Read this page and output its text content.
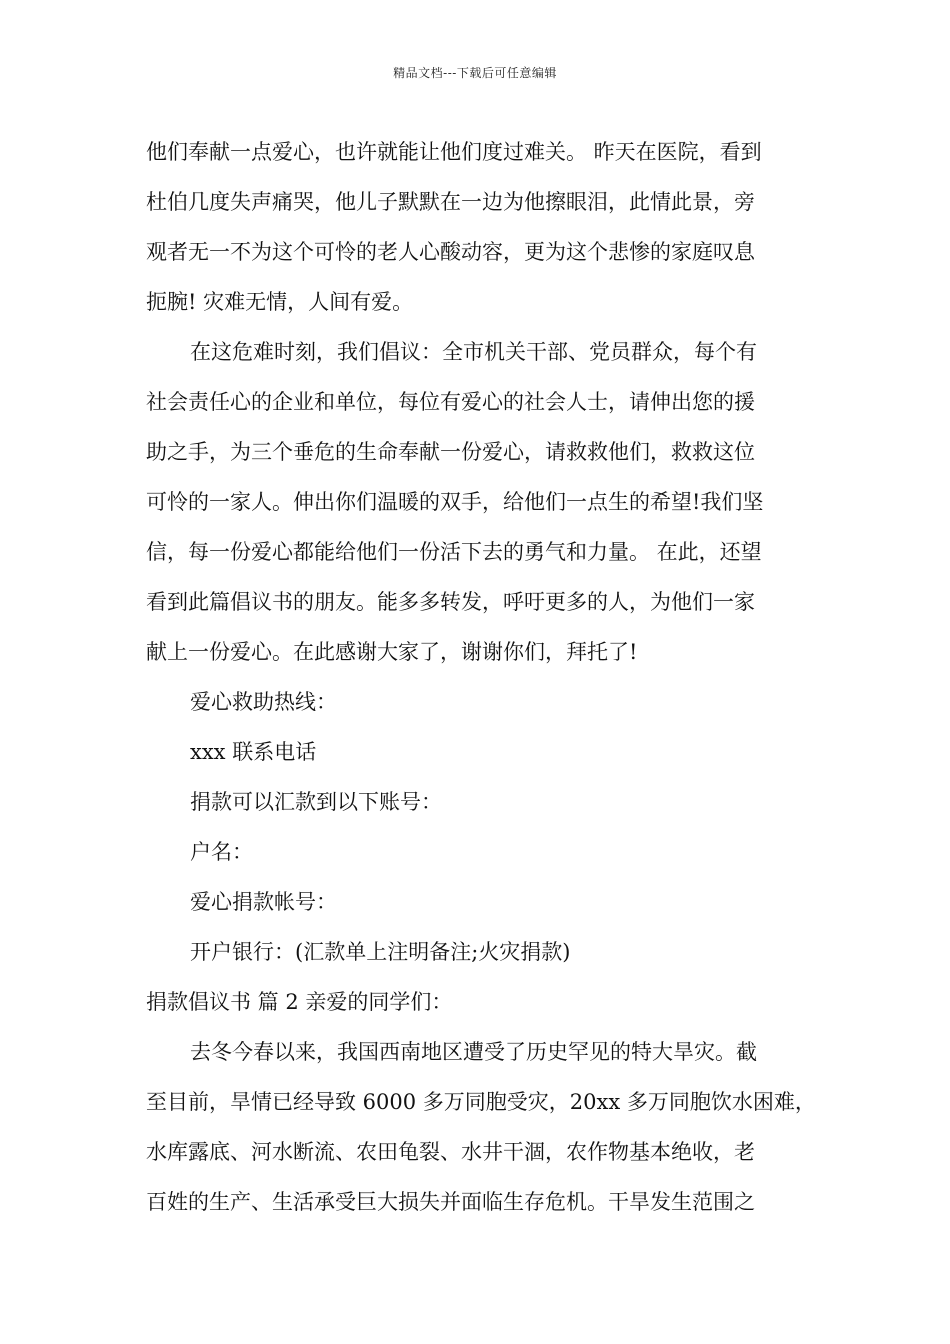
精品文档---下载后可任意编辑
他们奉献一点爱心，也许就能让他们度过难关。 昨天在医院，看到
杜伯几度失声痛哭，他儿子默默在一边为他擦眼泪，此情此景，旁
观者无一不为这个可怜的老人心酸动容，更为这个悲惨的家庭叹息
扼腕! 灾难无情，人间有爱。
在这危难时刻，我们倡议：全市机关干部、党员群众，每个有
社会责任心的企业和单位，每位有爱心的社会人士，请伸出您的援
助之手，为三个垂危的生命奉献一份爱心，请救救他们，救救这位
可怜的一家人。伸出你们温暖的双手，给他们一点生的希望!我们坚
信，每一份爱心都能给他们一份活下去的勇气和力量。 在此，还望
看到此篇倡议书的朋友。能多多转发，呼吁更多的人，为他们一家
献上一份爱心。在此感谢大家了，谢谢你们，拜托了!
爱心救助热线：
xxx 联系电话
捐款可以汇款到以下账号：
户名：
爱心捐款帐号：
开户银行：(汇款单上注明备注;火灾捐款)
捐款倡议书 篇 2 亲爱的同学们：
去冬今春以来，我国西南地区遭受了历史罕见的特大旱灾。截
至目前，旱情已经导致 6000 多万同胞受灾，20xx 多万同胞饮水困难，
水库露底、河水断流、农田龟裂、水井干涸，农作物基本绝收，老
百姓的生产、生活承受巨大损失并面临生存危机。干旱发生范围之
